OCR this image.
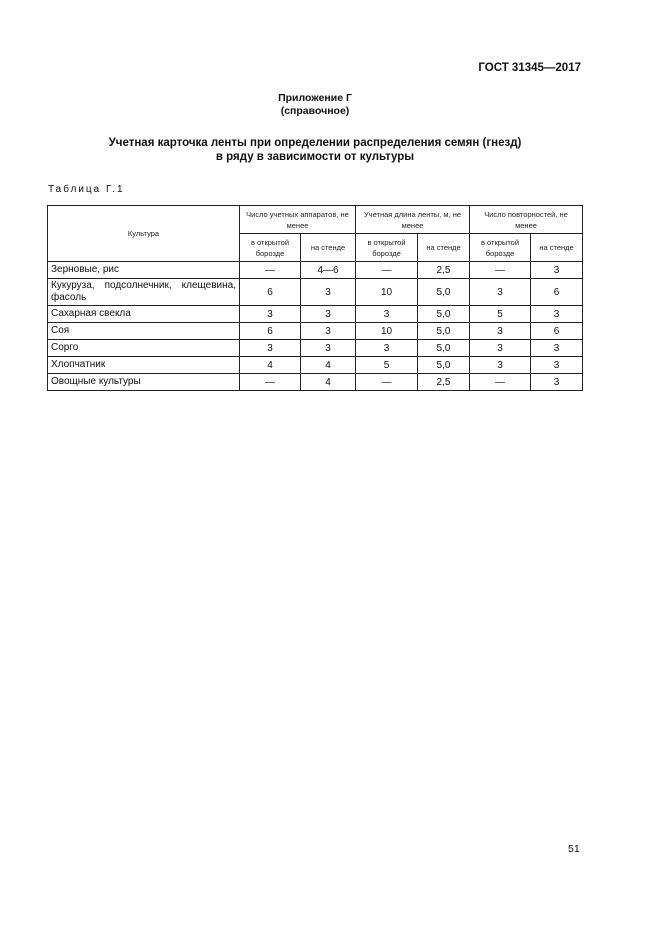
ГОСТ 31345—2017
Приложение Г
(справочное)
Учетная карточка ленты при определении распределения семян (гнезд)
в ряду в зависимости от культуры
Таблица Г.1
Культура	Число учетных аппаратов, не менее		Учетная длина ленты, м, не менее		Число повторностей, не менее	
	в открытой борозде	на стенде	в открытой борозде	на стенде	в открытой борозде	на стенде
Зерновые, рис	—	4—6	—	2,5	—	3
Кукуруза, подсолнечник, клещевина, фасоль	6	3	10	5,0	3	6
Сахарная свекла	3	3	3	5,0	5	3
Соя	6	3	10	5,0	3	6
Сорго	3	3	3	5,0	3	3
Хлопчатник	4	4	5	5,0	3	3
Овощные культуры	—	4	—	2,5	—	3
51
